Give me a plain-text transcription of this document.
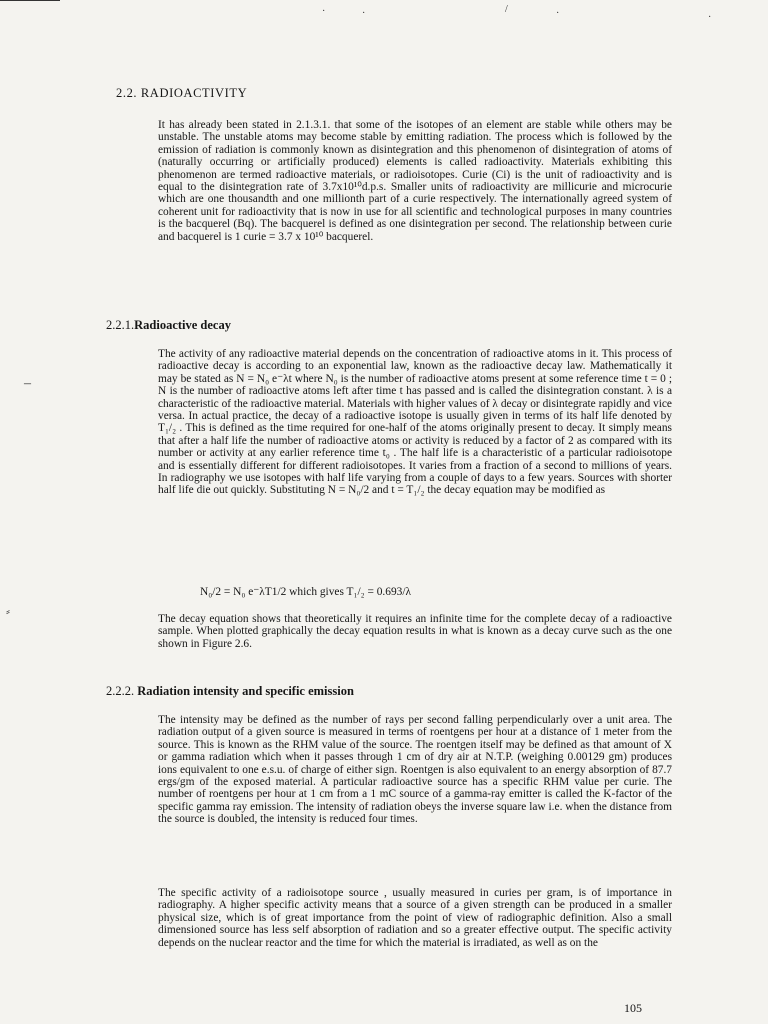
·	·	/	·	·
–
⸗
2.2. RADIOACTIVITY
It has already been stated in 2.1.3.1. that some of the isotopes of an element are stable while others may be unstable. The unstable atoms may become stable by emitting radiation. The process which is followed by the emission of radiation is commonly known as disintegration and this phenomenon of disintegration of atoms of (naturally occurring or artificially produced) elements is called radioactivity. Materials exhibiting this phenomenon are termed radioactive materials, or radioisotopes. Curie (Ci) is the unit of radioactivity and is equal to the disintegration rate of 3.7x10¹⁰d.p.s. Smaller units of radioactivity are millicurie and microcurie which are one thousandth and one millionth part of a curie respectively. The internationally agreed system of coherent unit for radioactivity that is now in use for all scientific and technological purposes in many countries is the bacquerel (Bq). The bacquerel is defined as one disintegration per second. The relationship between curie and bacquerel is 1 curie = 3.7 x 10¹⁰ bacquerel.
2.2.1.Radioactive decay
The activity of any radioactive material depends on the concentration of radioactive atoms in it. This process of radioactive decay is according to an exponential law, known as the radioactive decay law. Mathematically it may be stated as N = N₀ e⁻λt where N₀ is the number of radioactive atoms present at some reference time t = 0 ; N is the number of radioactive atoms left after time t has passed and is called the disintegration constant. λ is a characteristic of the radioactive material. Materials with higher values of λ decay or disintegrate rapidly and vice versa. In actual practice, the decay of a radioactive isotope is usually given in terms of its half life denoted by T₁/₂ . This is defined as the time required for one-half of the atoms originally present to decay. It simply means that after a half life the number of radioactive atoms or activity is reduced by a factor of 2 as compared with its number or activity at any earlier reference time t₀ . The half life is a characteristic of a particular radioisotope and is essentially different for different radioisotopes. It varies from a fraction of a second to millions of years. In radiography we use isotopes with half life varying from a couple of days to a few years. Sources with shorter half life die out quickly. Substituting N = N₀/2 and t = T₁/₂ the decay equation may be modified as
N₀/2 = N₀ e⁻λT1/2 which gives T₁/₂ = 0.693/λ
The decay equation shows that theoretically it requires an infinite time for the complete decay of a radioactive sample. When plotted graphically the decay equation results in what is known as a decay curve such as the one shown in Figure 2.6.
2.2.2. Radiation intensity and specific emission
The intensity may be defined as the number of rays per second falling perpendicularly over a unit area. The radiation output of a given source is measured in terms of roentgens per hour at a distance of 1 meter from the source. This is known as the RHM value of the source. The roentgen itself may be defined as that amount of X or gamma radiation which when it passes through 1 cm of dry air at N.T.P. (weighing 0.00129 gm) produces ions equivalent to one e.s.u. of charge of either sign. Roentgen is also equivalent to an energy absorption of 87.7 ergs/gm of the exposed material. A particular radioactive source has a specific RHM value per curie. The number of roentgens per hour at 1 cm from a 1 mC source of a gamma-ray emitter is called the K-factor of the specific gamma ray emission. The intensity of radiation obeys the inverse square law i.e. when the distance from the source is doubled, the intensity is reduced four times.
The specific activity of a radioisotope source , usually measured in curies per gram, is of importance in radiography. A higher specific activity means that a source of a given strength can be produced in a smaller physical size, which is of great importance from the point of view of radiographic definition. Also a small dimensioned source has less self absorption of radiation and so a greater effective output. The specific activity depends on the nuclear reactor and the time for which the material is irradiated, as well as on the
105
